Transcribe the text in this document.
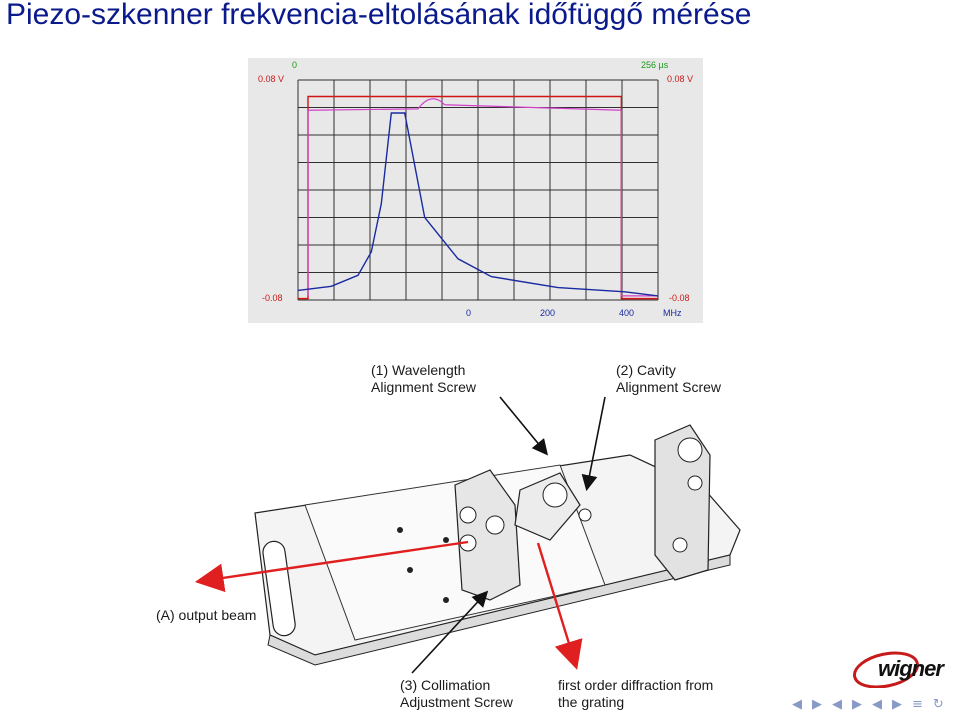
Piezo-szkenner frekvencia-eltolásának időfüggő mérése
0.08 V
0	256 µs
0.08 V
-0.08	-0.08
0	200	400	MHz
(1) Wavelength
Alignment Screw
(2) Cavity
Alignment Screw
(A) output beam
(3) Collimation
Adjustment Screw
first order diffraction from
the grating
wigner
◀ ▶ ◀ ▶ ◀ ▶ ≡ ↻
